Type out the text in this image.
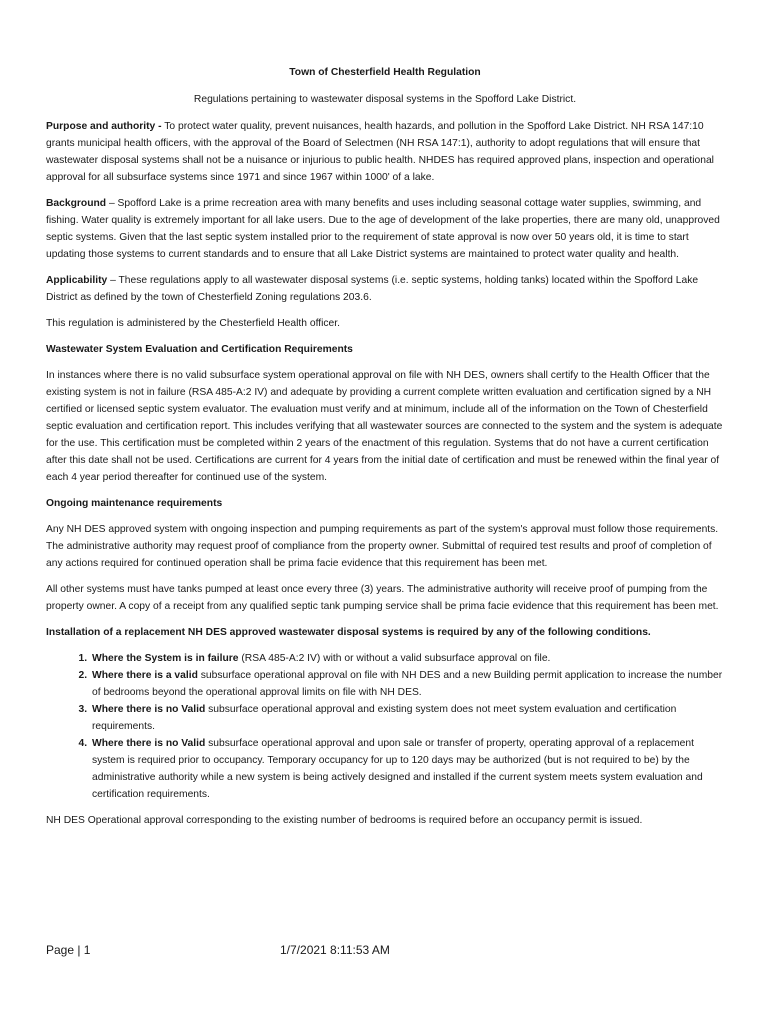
Town of Chesterfield Health Regulation

Regulations pertaining to wastewater disposal systems in the Spofford Lake District.

Purpose and authority - To protect water quality, prevent nuisances, health hazards, and pollution in the Spofford Lake District. NH RSA 147:10 grants municipal health officers, with the approval of the Board of Selectmen (NH RSA 147:1), authority to adopt regulations that will ensure that wastewater disposal systems shall not be a nuisance or injurious to public health. NHDES has required approved plans, inspection and operational approval for all subsurface systems since 1971 and since 1967 within 1000' of a lake.

Background – Spofford Lake is a prime recreation area with many benefits and uses including seasonal cottage water supplies, swimming, and fishing. Water quality is extremely important for all lake users. Due to the age of development of the lake properties, there are many old, unapproved septic systems. Given that the last septic system installed prior to the requirement of state approval is now over 50 years old, it is time to start updating those systems to current standards and to ensure that all Lake District systems are maintained to protect water quality and health.

Applicability – These regulations apply to all wastewater disposal systems (i.e. septic systems, holding tanks) located within the Spofford Lake District as defined by the town of Chesterfield Zoning regulations 203.6.

This regulation is administered by the Chesterfield Health officer.

Wastewater System Evaluation and Certification Requirements

In instances where there is no valid subsurface system operational approval on file with NH DES, owners shall certify to the Health Officer that the existing system is not in failure (RSA 485-A:2 IV) and adequate by providing a current complete written evaluation and certification signed by a NH certified or licensed septic system evaluator. The evaluation must verify and at minimum, include all of the information on the Town of Chesterfield septic evaluation and certification report. This includes verifying that all wastewater sources are connected to the system and the system is adequate for the use. This certification must be completed within 2 years of the enactment of this regulation. Systems that do not have a current certification after this date shall not be used. Certifications are current for 4 years from the initial date of certification and must be renewed within the final year of each 4 year period thereafter for continued use of the system.

Ongoing maintenance requirements

Any NH DES approved system with ongoing inspection and pumping requirements as part of the system's approval must follow those requirements. The administrative authority may request proof of compliance from the property owner. Submittal of required test results and proof of completion of any actions required for continued operation shall be prima facie evidence that this requirement has been met.

All other systems must have tanks pumped at least once every three (3) years. The administrative authority will receive proof of pumping from the property owner. A copy of a receipt from any qualified septic tank pumping service shall be prima facie evidence that this requirement has been met.

Installation of a replacement NH DES approved wastewater disposal systems is required by any of the following conditions.

1. Where the System is in failure (RSA 485-A:2 IV) with or without a valid subsurface approval on file.
2. Where there is a valid subsurface operational approval on file with NH DES and a new Building permit application to increase the number of bedrooms beyond the operational approval limits on file with NH DES.
3. Where there is no Valid subsurface operational approval and existing system does not meet system evaluation and certification requirements.
4. Where there is no Valid subsurface operational approval and upon sale or transfer of property, operating approval of a replacement system is required prior to occupancy. Temporary occupancy for up to 120 days may be authorized (but is not required to be) by the administrative authority while a new system is being actively designed and installed if the current system meets system evaluation and certification requirements.

NH DES Operational approval corresponding to the existing number of bedrooms is required before an occupancy permit is issued.

Page | 1	1/7/2021 8:11:53 AM
